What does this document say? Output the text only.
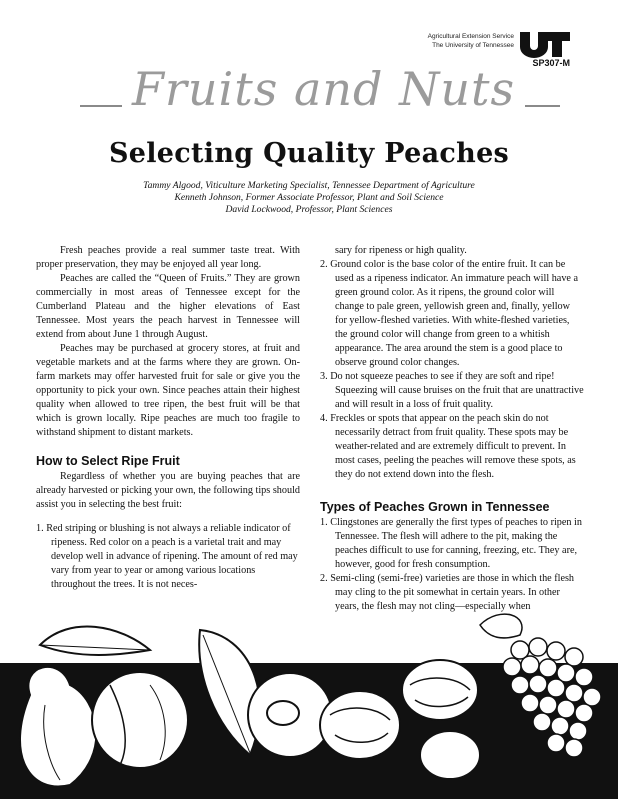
Agricultural Extension Service
The University of Tennessee
SP307-M
Fruits and Nuts
Selecting Quality Peaches
Tammy Algood, Viticulture Marketing Specialist, Tennessee Department of Agriculture
Kenneth Johnson, Former Associate Professor, Plant and Soil Science
David Lockwood, Professor, Plant Sciences

Fresh peaches provide a real summer taste treat. With proper preservation, they may be enjoyed all year long.

Peaches are called the “Queen of Fruits.” They are grown commercially in most areas of Tennessee except for the Cumberland Plateau and the higher elevations of East Tennessee. Most years the peach harvest in Tennessee will extend from about June 1 through August.

Peaches may be purchased at grocery stores, at fruit and vegetable markets and at the farms where they are grown. On-farm markets may offer harvested fruit for sale or give you the opportunity to pick your own. Since peaches attain their highest quality when allowed to tree ripen, the best fruit will be that which is grown locally. Ripe peaches are much too fragile to withstand shipment to distant markets.

How to Select Ripe Fruit

Regardless of whether you are buying peaches that are already harvested or picking your own, the following tips should assist you in selecting the best fruit:

1. Red striping or blushing is not always a reliable indicator of ripeness. Red color on a peach is a varietal trait and may develop well in advance of ripening. The amount of red may vary from year to year or among various locations throughout the trees. It is not neces-
sary for ripeness or high quality.
2. Ground color is the base color of the entire fruit. It can be used as a ripeness indicator. An immature peach will have a green ground color. As it ripens, the ground color will change to pale green, yellowish green and, finally, yellow for yellow-fleshed varieties. With white-fleshed varieties, the ground color will change from green to a whitish appearance. The area around the stem is a good place to observe ground color changes.
3. Do not squeeze peaches to see if they are soft and ripe! Squeezing will cause bruises on the fruit that are unattractive and will result in a loss of fruit quality.
4. Freckles or spots that appear on the peach skin do not necessarily detract from fruit quality. These spots may be weather-related and are extremely difficult to prevent. In most cases, peeling the peaches will remove these spots, as they do not extend down into the flesh.
Types of Peaches Grown in Tennessee
1. Clingstones are generally the first types of peaches to ripen in Tennessee. The flesh will adhere to the pit, making the peaches difficult to use for canning, freezing, etc. They are, however, good for fresh consumption.
2. Semi-cling (semi-free) varieties are those in which the flesh may cling to the pit somewhat in certain years. In other years, the flesh may not cling—especially when
